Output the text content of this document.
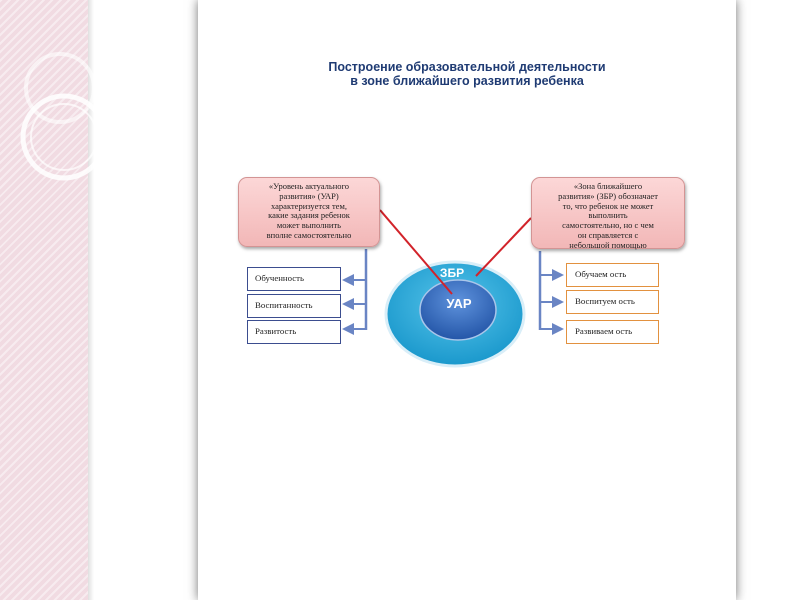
Построение образовательной деятельности
в зоне ближайшего развития ребенка
ЗБР
УАР
«Уровень актуального
развития» (УАР)
характеризуется тем,
какие задания ребенок
может выполнить
вполне самостоятельно
«Зона ближайшего
развития» (ЗБР) обозначает
то, что ребенок не может
выполнить
самостоятельно, но с чем
он справляется с
небольшой помощью
Обученность
Воспитанность
Развитость
Обучаем ость
Воспитуем ость
Развиваем ость
